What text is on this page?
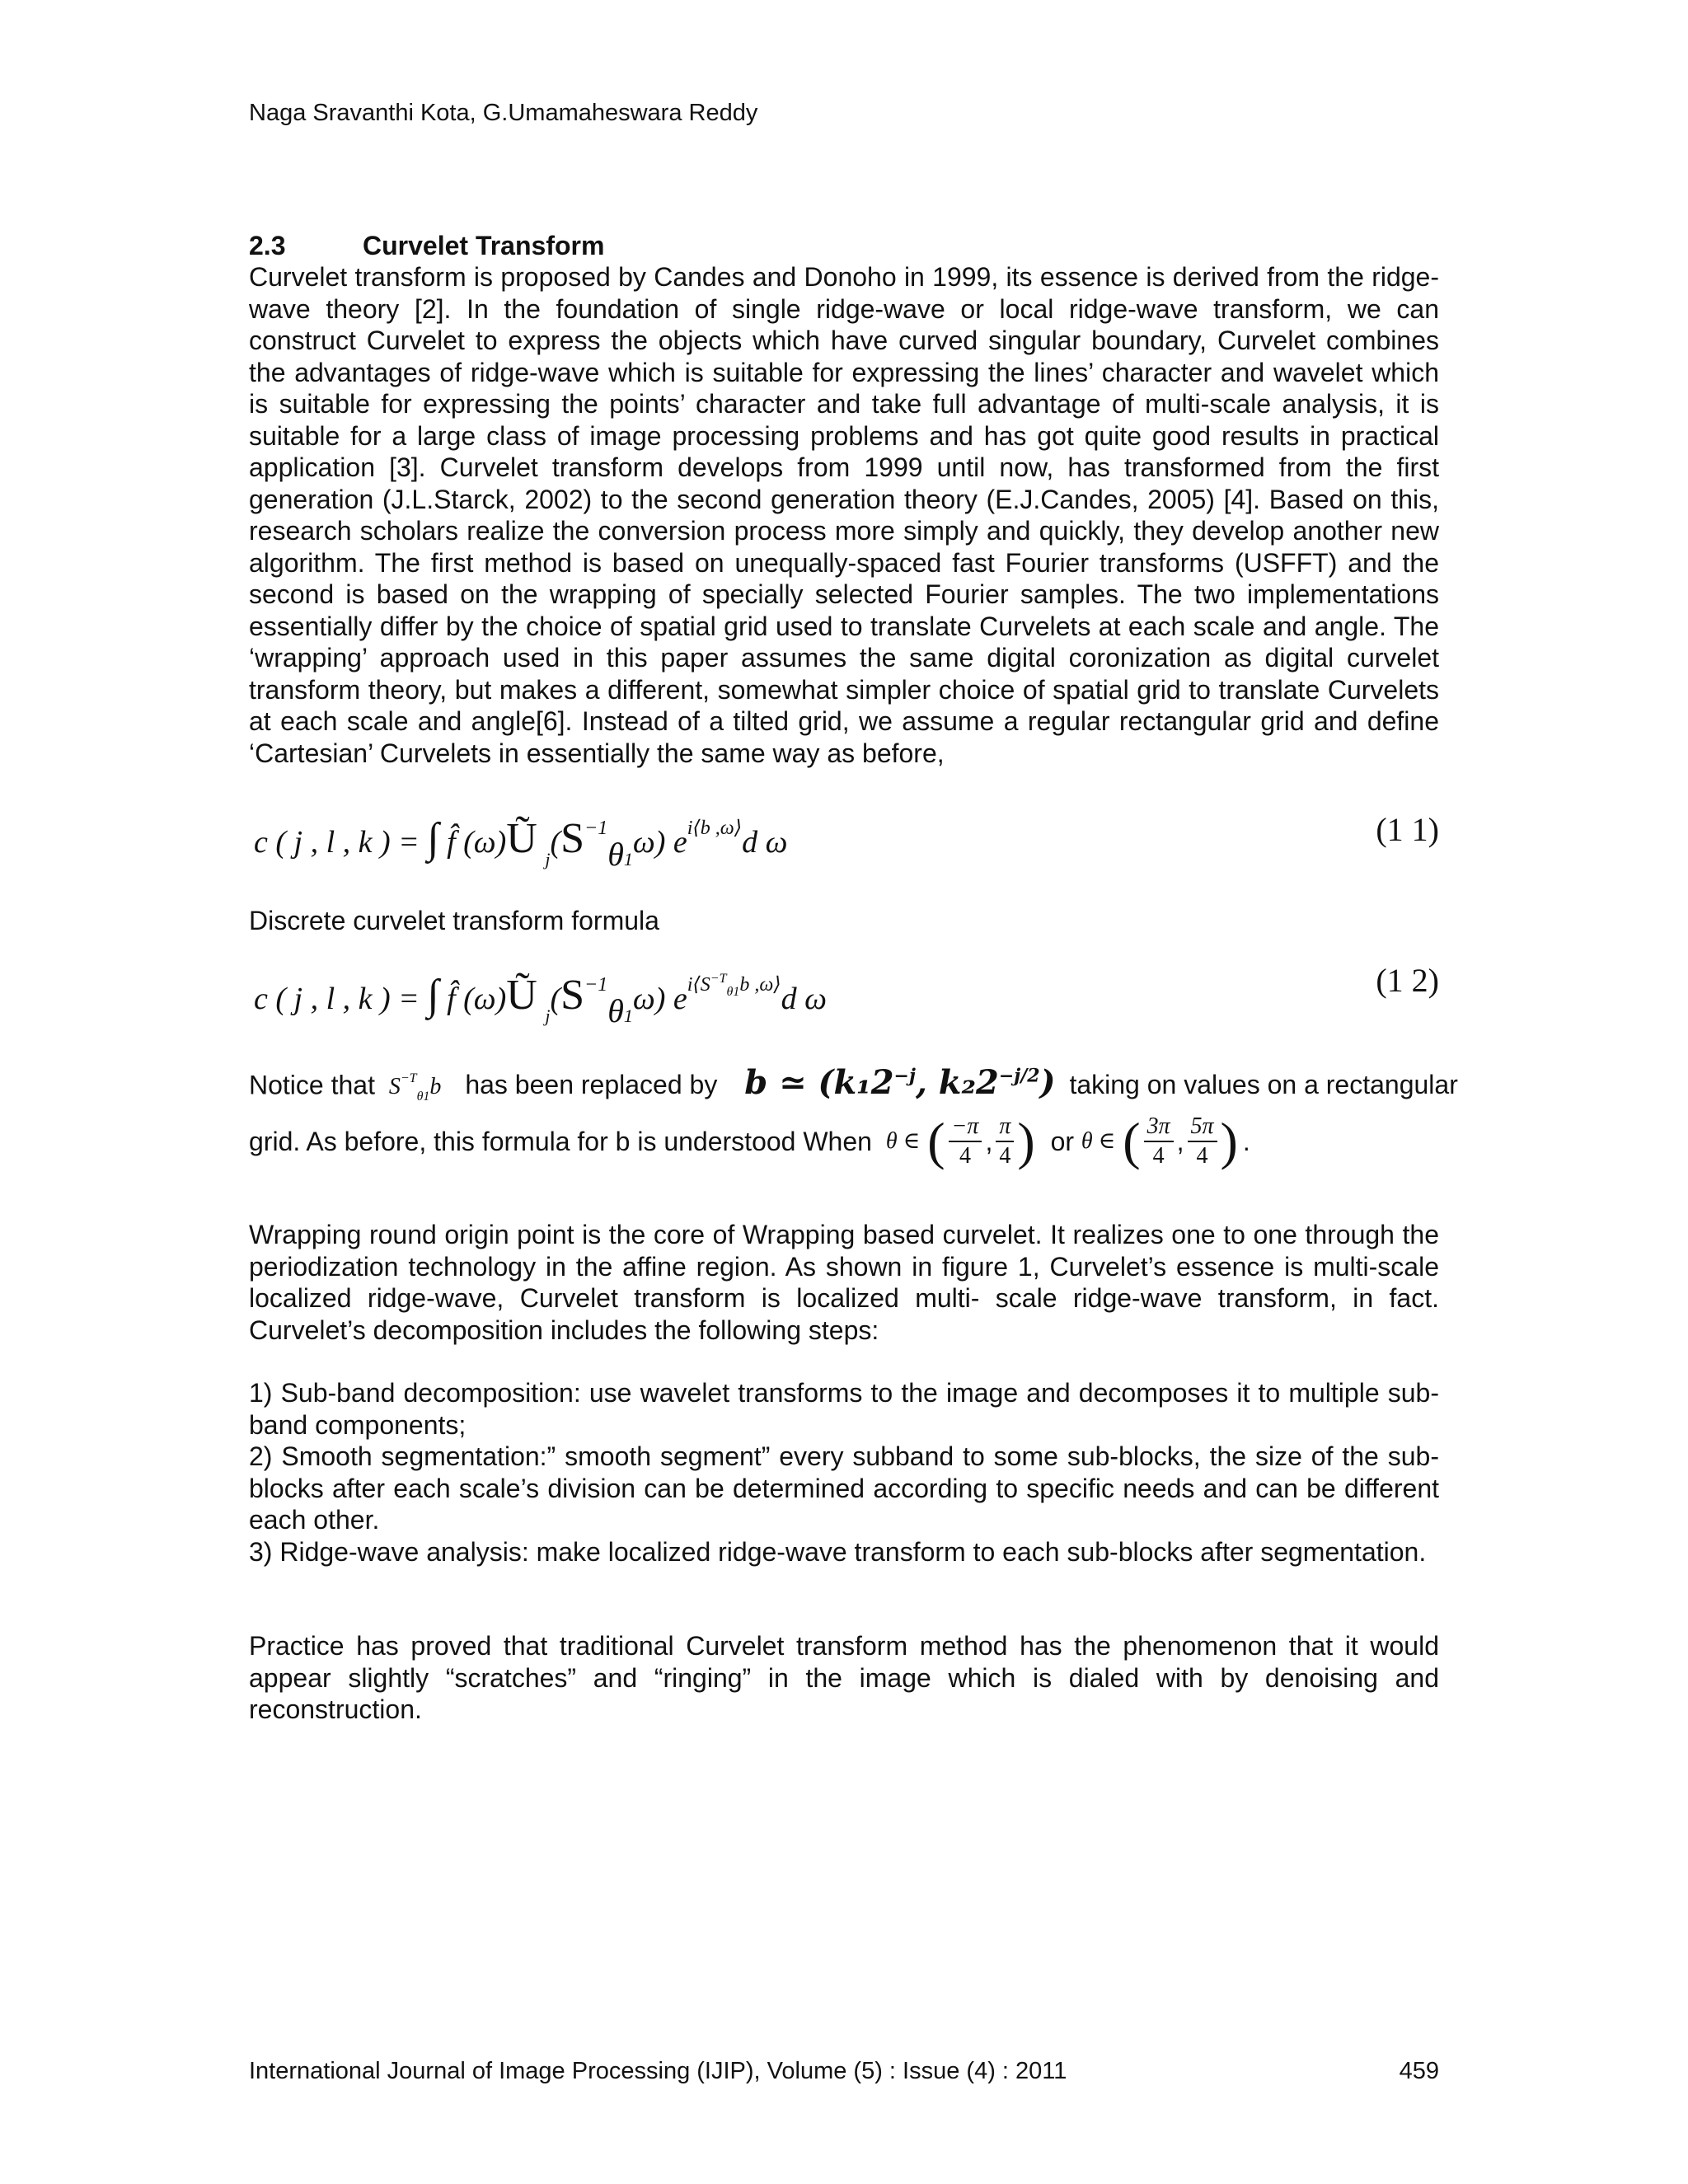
Naga Sravanthi Kota, G.Umamaheswara Reddy
2.3	Curvelet Transform

Curvelet transform is proposed by Candes and Donoho in 1999, its essence is derived from the ridge-wave theory [2]. In the foundation of single ridge-wave or local ridge-wave transform, we can construct Curvelet to express the objects which have curved singular boundary, Curvelet combines the advantages of ridge-wave which is suitable for expressing the lines’ character and wavelet which is suitable for expressing the points’ character and take full advantage of multi-scale analysis, it is suitable for a large class of image processing problems and has got quite good results in practical application [3]. Curvelet transform develops from 1999 until now, has transformed from the first generation (J.L.Starck, 2002) to the second generation theory (E.J.Candes, 2005) [4]. Based on this, research scholars realize the conversion process more simply and quickly, they develop another new algorithm. The first method is based on unequally-spaced fast Fourier transforms (USFFT) and the second is based on the wrapping of specially selected Fourier samples. The two implementations essentially differ by the choice of spatial grid used to translate Curvelets at each scale and angle. The ‘wrapping’ approach used in this paper assumes the same digital coronization as digital curvelet transform theory, but makes a different, somewhat simpler choice of spatial grid to translate Curvelets at each scale and angle[6]. Instead of a tilted grid, we assume a regular rectangular grid and define ‘Cartesian’ Curvelets in essentially the same way as before,

c ( j , l , k ) = ∫ f̂ (ω)Ũ $_j(S^{-1}\theta_1\omega)$ $e^{i⟨b ,\omega⟩}d$ ω	(1 1)

Discrete curvelet transform formula

c ( j , l , k ) = ∫ f̂ (ω)Ũ $_j(S^{-1}\theta_1\omega)$ $e^{i⟨S^{-T}_{\theta 1}b ,\omega⟩}d$ ω	(1 2)
Notice that $S^{-T}_{\theta 1}b$ has been replaced by b ≃ ($k_12^{-j}$, $k_22^{-j/2}$) taking on values on a rectangular
grid. As before, this formula for b is understood When θ ∈ ( $\frac{-\pi}{4}$ , $\frac{\pi}{4}$ ) or θ ∈ ( $\frac{3\pi}{4}$ , $\frac{5\pi}{4}$ ) .

Wrapping round origin point is the core of Wrapping based curvelet. It realizes one to one through the periodization technology in the affine region. As shown in figure 1, Curvelet’s essence is multi-scale localized ridge-wave, Curvelet transform is localized multi- scale ridge-wave transform, in fact. Curvelet’s decomposition includes the following steps:

1) Sub-band decomposition: use wavelet transforms to the image and decomposes it to multiple sub-band components;

2) Smooth segmentation:” smooth segment” every subband to some sub-blocks, the size of the sub-blocks after each scale’s division can be determined according to specific needs and can be different each other.

3) Ridge-wave analysis: make localized ridge-wave transform to each sub-blocks after segmentation.

Practice has proved that traditional Curvelet transform method has the phenomenon that it would appear slightly “scratches” and “ringing” in the image which is dialed with by denoising and reconstruction.

International Journal of Image Processing (IJIP), Volume (5) : Issue (4) : 2011	459
